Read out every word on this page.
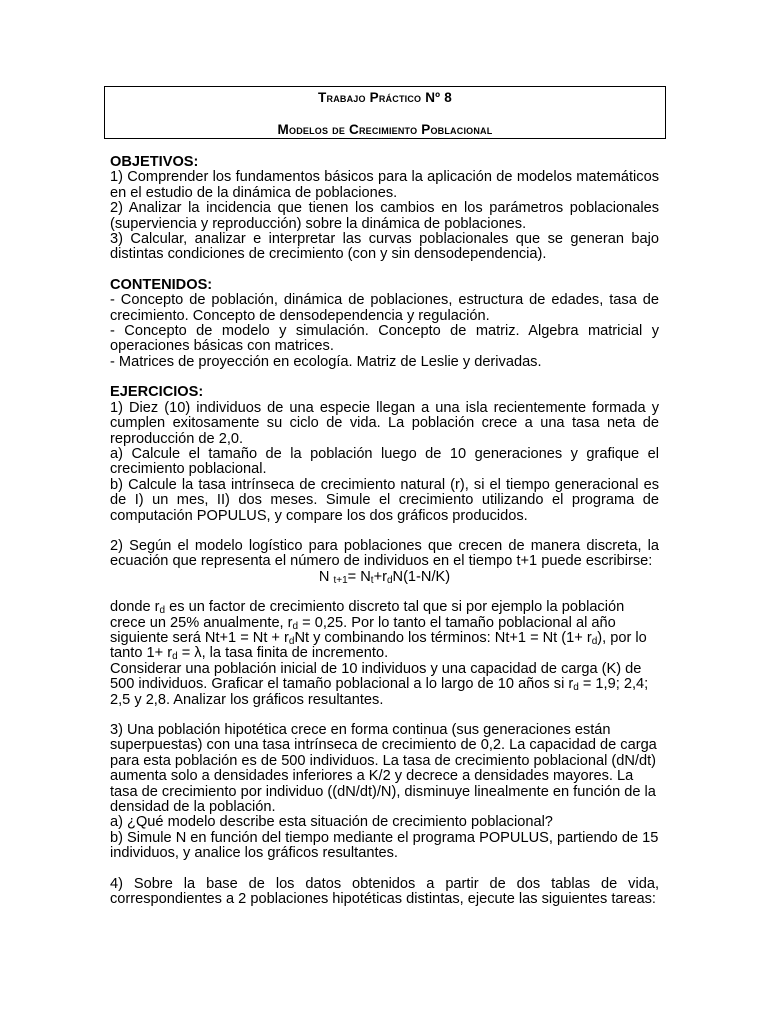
Trabajo Práctico Nº 8
Modelos de Crecimiento Poblacional

OBJETIVOS:

1) Comprender los fundamentos básicos para la aplicación de modelos matemáticos en el estudio de la dinámica de poblaciones.

2) Analizar la incidencia que tienen los cambios en los parámetros poblacionales (superviencia y reproducción) sobre la dinámica de poblaciones.

3) Calcular, analizar e interpretar las curvas poblacionales que se generan bajo distintas condiciones de crecimiento (con y sin densodependencia).

CONTENIDOS:

- Concepto de población, dinámica de poblaciones, estructura de edades, tasa de crecimiento. Concepto de densodependencia y regulación.

- Concepto de modelo y simulación. Concepto de matriz. Algebra matricial y operaciones básicas con matrices.

- Matrices de proyección en ecología. Matriz de Leslie y derivadas.

EJERCICIOS:

1) Diez (10) individuos de una especie llegan a una isla recientemente formada y cumplen exitosamente su ciclo de vida. La población crece a una tasa neta de reproducción de 2,0.

a) Calcule el tamaño de la población luego de 10 generaciones y grafique el crecimiento poblacional.

b) Calcule la tasa intrínseca de crecimiento natural (r), si el tiempo generacional es de I) un mes, II) dos meses. Simule el crecimiento utilizando el programa de computación POPULUS, y compare los dos gráficos producidos.

2) Según el modelo logístico para poblaciones que crecen de manera discreta, la ecuación que representa el número de individuos en el tiempo t+1 puede escribirse:

N $_{t+1}= N_t+r_dN(1-N/K)$

donde $r_d$ es un factor de crecimiento discreto tal que si por ejemplo la población crece un 25% anualmente, $r_d = 0,25$. Por lo tanto el tamaño poblacional al año siguiente será $Nt+1 = Nt + r_dNt$ y combinando los términos: Nt+1 = Nt $(1+ r_d)$, por lo tanto $1+ r_d = \lambda$, la tasa finita de incremento.

Considerar una población inicial de 10 individuos y una capacidad de carga (K) de 500 individuos. Graficar el tamaño poblacional a lo largo de 10 años si $r_d = 1,9$; 2,4; 2,5 y 2,8. Analizar los gráficos resultantes.

3) Una población hipotética crece en forma continua (sus generaciones están superpuestas) con una tasa intrínseca de crecimiento de 0,2. La capacidad de carga para esta población es de 500 individuos. La tasa de crecimiento poblacional (dN/dt) aumenta solo a densidades inferiores a K/2 y decrece a densidades mayores. La tasa de crecimiento por individuo ((dN/dt)/N), disminuye linealmente en función de la densidad de la población.

a) ¿Qué modelo describe esta situación de crecimiento poblacional?

b) Simule N en función del tiempo mediante el programa POPULUS, partiendo de 15 individuos, y analice los gráficos resultantes.

4) Sobre la base de los datos obtenidos a partir de dos tablas de vida, correspondientes a 2 poblaciones hipotéticas distintas, ejecute las siguientes tareas:
